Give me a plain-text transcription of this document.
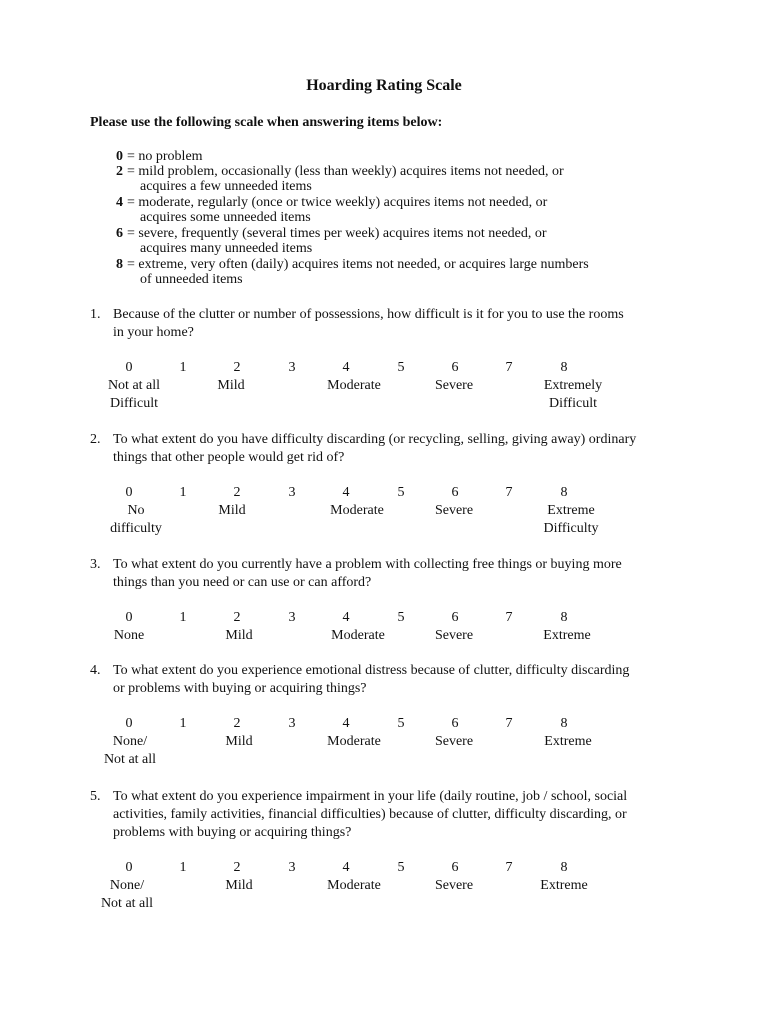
Hoarding Rating Scale
Please use the following scale when answering items below:
0 = no problem
2 = mild problem, occasionally (less than weekly) acquires items not needed, or
acquires a few unneeded items
4 = moderate, regularly (once or twice weekly) acquires items not needed, or
acquires some unneeded items
6 = severe, frequently (several times per week) acquires items not needed, or
acquires many unneeded items
8 = extreme, very often (daily) acquires items not needed, or acquires large numbers
of unneeded items
1. Because of the clutter or number of possessions, how difficult is it for you to use the rooms
in your home?
0	1	2	3	4	5	6	7	8
Not at all
Difficult
Mild	Moderate	Severe	Extremely
Difficult
2. To what extent do you have difficulty discarding (or recycling, selling, giving away) ordinary
things that other people would get rid of?
0	1	2	3	4	5	6	7	8
No
difficulty
Mild	Moderate	Severe	Extreme
Difficulty
3. To what extent do you currently have a problem with collecting free things or buying more
things than you need or can use or can afford?
0	1	2	3	4	5	6	7	8
None	Mild	Moderate	Severe	Extreme
4. To what extent do you experience emotional distress because of clutter, difficulty discarding
or problems with buying or acquiring things?
0	1	2	3	4	5	6	7	8
None/
Not at all
Mild	Moderate	Severe	Extreme
5. To what extent do you experience impairment in your life (daily routine, job / school, social
activities, family activities, financial difficulties) because of clutter, difficulty discarding, or
problems with buying or acquiring things?
0	1	2	3	4	5	6	7	8
None/
Not at all
Mild	Moderate	Severe	Extreme
